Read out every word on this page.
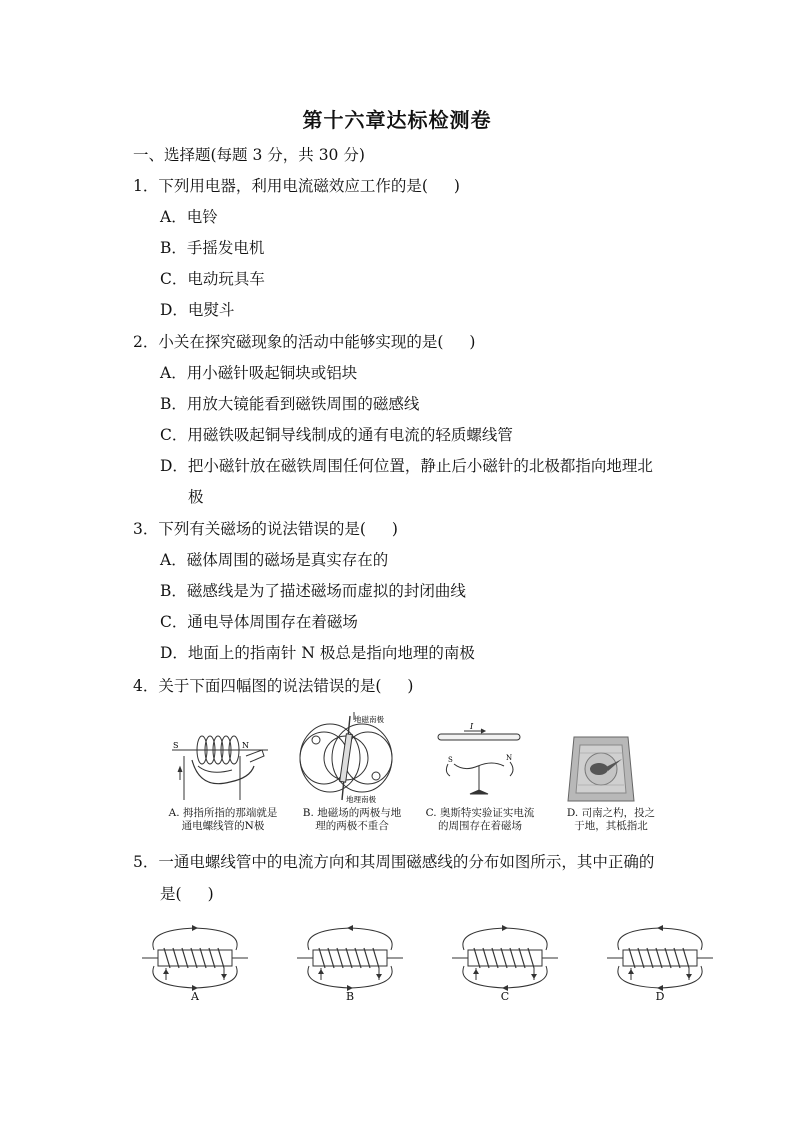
第十六章达标检测卷
一、选择题(每题 3 分，共 30 分)
1．下列用电器，利用电流磁效应工作的是( )
A．电铃
B．手摇发电机
C．电动玩具车
D．电熨斗
2．小关在探究磁现象的活动中能够实现的是( )
A．用小磁针吸起铜块或铝块
B．用放大镜能看到磁铁周围的磁感线
C．用磁铁吸起铜导线制成的通有电流的轻质螺线管
D．把小磁针放在磁铁周围任何位置，静止后小磁针的北极都指向地理北
极
3．下列有关磁场的说法错误的是( )
A．磁体周围的磁场是真实存在的
B．磁感线是为了描述磁场而虚拟的封闭曲线
C．通电导体周围存在着磁场
D．地面上的指南针 N 极总是指向地理的南极
4．关于下面四幅图的说法错误的是( )
S	N
A. 拇指所指的那端就是
通电螺线管的N极
地磁南极
地理南极
B. 地磁场的两极与地
理的两极不重合
I
S	N
C. 奥斯特实验证实电流
的周围存在着磁场
D. 司南之杓，投之
于地，其柢指北
5．一通电螺线管中的电流方向和其周围磁感线的分布如图所示，其中正确的
是( )
A	B	C	D
